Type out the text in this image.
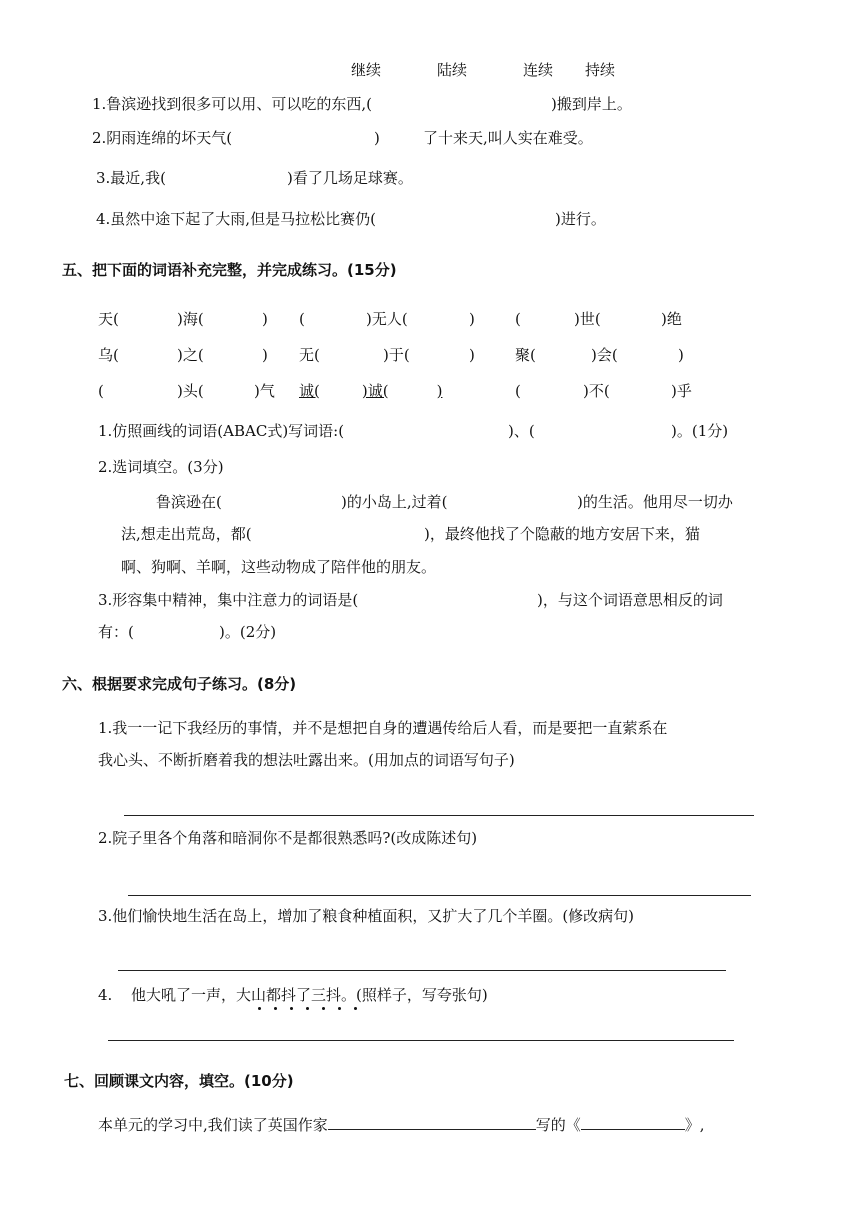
继续	陆续	连续 持续
1.鲁滨逊找到很多可以用、可以吃的东西,(	)搬到岸上。
2.阴雨连绵的坏天气(	)	了十来天,叫人实在难受。
3.最近,我(	)看了几场足球赛。
4.虽然中途下起了大雨,但是马拉松比赛仍(	)进行。
五、把下面的词语补充完整，并完成练习。(15分)
天(	)海(	) (	)无人(	)	(	)世(	)绝
乌(	)之(	) 无(	)于(	)	聚(	)会(	)
(	)头(	)气 诚(	)诚(	)	(	)不(	)乎
1.仿照画线的词语(ABAC式)写词语:(	)、(	)。(1分)
2.选词填空。(3分)
鲁滨逊在(	)的小岛上,过着(	)的生活。他用尽一切办
法,想走出荒岛，都(	)，最终他找了个隐蔽的地方安居下来，猫
啊、狗啊、羊啊，这些动物成了陪伴他的朋友。
3.形容集中精神，集中注意力的词语是(	)，与这个词语意思相反的词
有：(	)。(2分)
六、根据要求完成句子练习。(8分)
1.我一一记下我经历的事情，并不是想把自身的遭遇传给后人看，而是要把一直萦系在
我心头、不断折磨着我的想法吐露出来。(用加点的词语写句子)
2.院子里各个角落和暗洞你不是都很熟悉吗?(改成陈述句)
3.他们愉快地生活在岛上，增加了粮食种植面积，又扩大了几个羊圈。(修改病句)
4. 他大吼了一声，大山都抖了三抖。(照样子，写夸张句)
七、回顾课文内容，填空。(10分)
本单元的学习中,我们读了英国作家	写的《	》,
